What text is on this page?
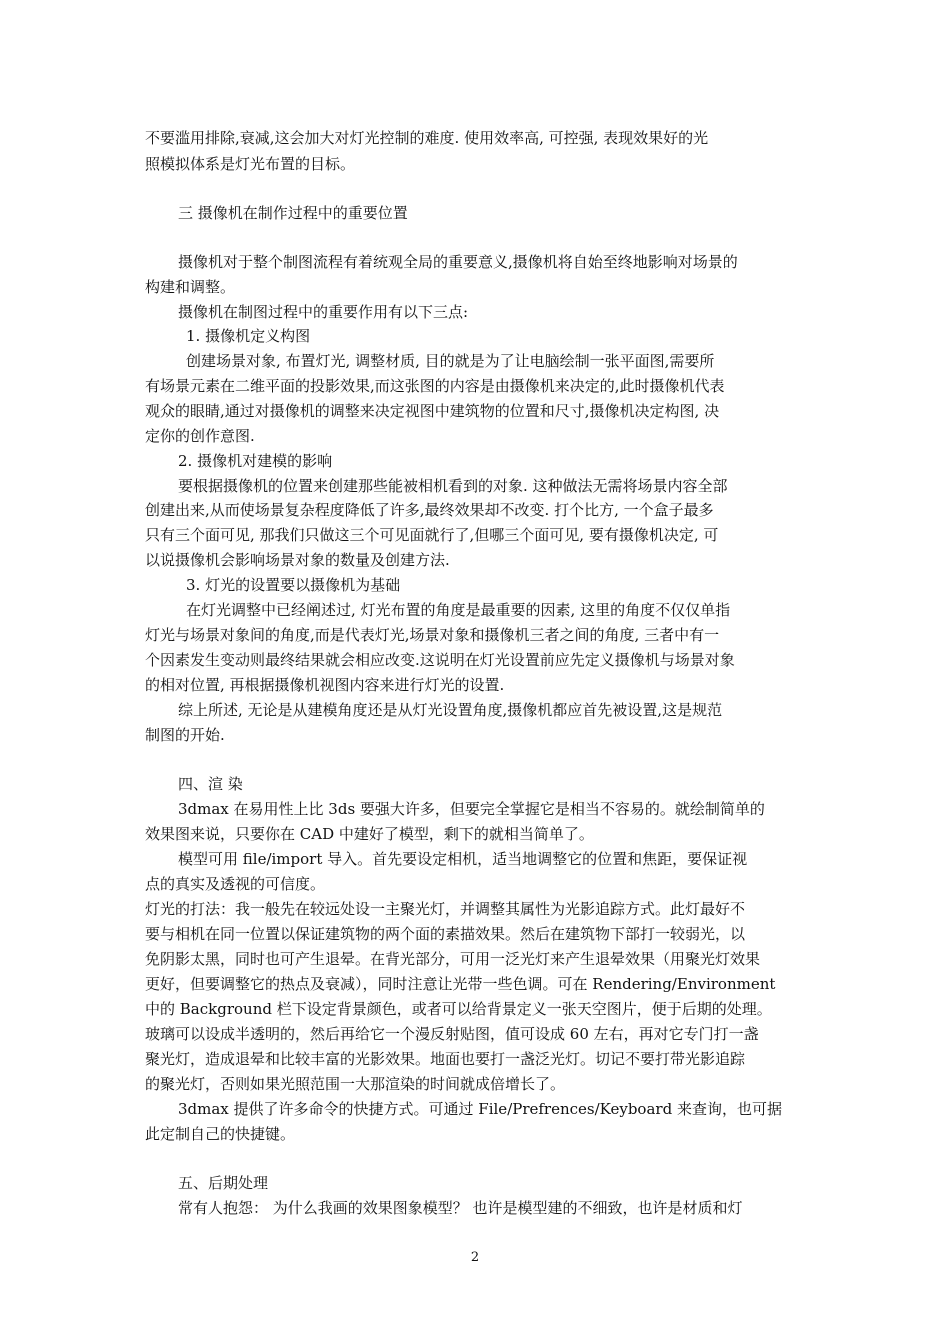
不要滥用排除,衰减,这会加大对灯光控制的难度. 使用效率高, 可控强, 表现效果好的光
照模拟体系是灯光布置的目标。
三 摄像机在制作过程中的重要位置
摄像机对于整个制图流程有着统观全局的重要意义,摄像机将自始至终地影响对场景的
构建和调整。
摄像机在制图过程中的重要作用有以下三点:
1. 摄像机定义构图
创建场景对象, 布置灯光, 调整材质, 目的就是为了让电脑绘制一张平面图,需要所
有场景元素在二维平面的投影效果,而这张图的内容是由摄像机来决定的,此时摄像机代表
观众的眼睛,通过对摄像机的调整来决定视图中建筑物的位置和尺寸,摄像机决定构图, 决
定你的创作意图.
2. 摄像机对建模的影响
要根据摄像机的位置来创建那些能被相机看到的对象. 这种做法无需将场景内容全部
创建出来,从而使场景复杂程度降低了许多,最终效果却不改变. 打个比方, 一个盒子最多
只有三个面可见, 那我们只做这三个可见面就行了,但哪三个面可见, 要有摄像机决定, 可
以说摄像机会影响场景对象的数量及创建方法.
3. 灯光的设置要以摄像机为基础
在灯光调整中已经阐述过, 灯光布置的角度是最重要的因素, 这里的角度不仅仅单指
灯光与场景对象间的角度,而是代表灯光,场景对象和摄像机三者之间的角度, 三者中有一
个因素发生变动则最终结果就会相应改变.这说明在灯光设置前应先定义摄像机与场景对象
的相对位置, 再根据摄像机视图内容来进行灯光的设置.
综上所述, 无论是从建模角度还是从灯光设置角度,摄像机都应首先被设置,这是规范
制图的开始.
四、渲 染
3dmax 在易用性上比 3ds 要强大许多，但要完全掌握它是相当不容易的。就绘制简单的
效果图来说，只要你在 CAD 中建好了模型，剩下的就相当简单了。
模型可用 file/import 导入。首先要设定相机，适当地调整它的位置和焦距，要保证视
点的真实及透视的可信度。
灯光的打法：我一般先在较远处设一主聚光灯，并调整其属性为光影追踪方式。此灯最好不
要与相机在同一位置以保证建筑物的两个面的素描效果。然后在建筑物下部打一较弱光，以
免阴影太黑，同时也可产生退晕。在背光部分，可用一泛光灯来产生退晕效果（用聚光灯效果
更好，但要调整它的热点及衰减），同时注意让光带一些色调。可在 Rendering/Environment
中的 Background 栏下设定背景颜色，或者可以给背景定义一张天空图片，便于后期的处理。
玻璃可以设成半透明的，然后再给它一个漫反射贴图，值可设成 60 左右，再对它专门打一盏
聚光灯，造成退晕和比较丰富的光影效果。地面也要打一盏泛光灯。切记不要打带光影追踪
的聚光灯，否则如果光照范围一大那渲染的时间就成倍增长了。
3dmax 提供了许多命令的快捷方式。可通过 File/Prefrences/Keyboard 来查询，也可据
此定制自己的快捷键。
五、后期处理
常有人抱怨： 为什么我画的效果图象模型？ 也许是模型建的不细致，也许是材质和灯
2
